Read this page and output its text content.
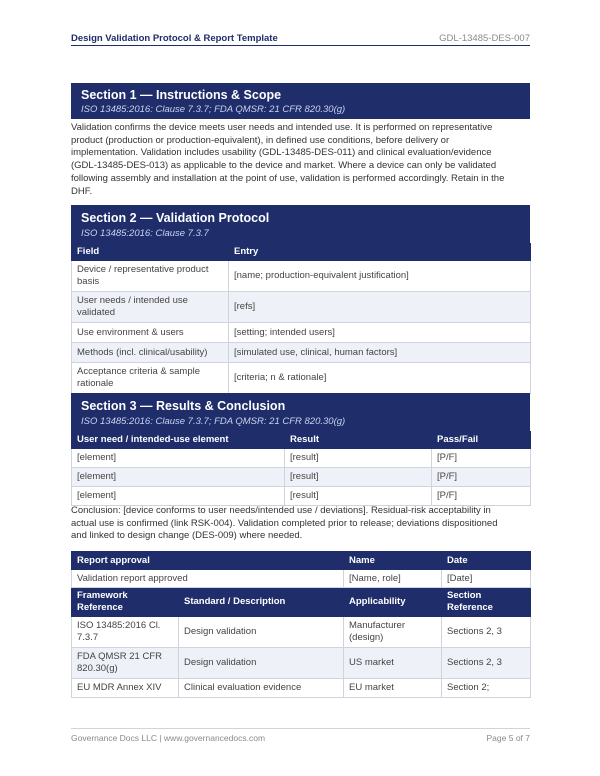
Design Validation Protocol & Report Template	GDL-13485-DES-007
Section 1 — Instructions & Scope
ISO 13485:2016: Clause 7.3.7; FDA QMSR: 21 CFR 820.30(g)
Validation confirms the device meets user needs and intended use. It is performed on representative
product (production or production-equivalent), in defined use conditions, before delivery or
implementation. Validation includes usability (GDL-13485-DES-011) and clinical evaluation/evidence
(GDL-13485-DES-013) as applicable to the device and market. Where a device can only be validated
following assembly and installation at the point of use, validation is performed accordingly. Retain in the
DHF.
Section 2 — Validation Protocol
ISO 13485:2016: Clause 7.3.7
Field	Entry
Device / representative product basis	[name; production-equivalent justification]
User needs / intended use validated	[refs]
Use environment & users	[setting; intended users]
Methods (incl. clinical/usability)	[simulated use, clinical, human factors]
Acceptance criteria & sample rationale	[criteria; n & rationale]
Section 3 — Results & Conclusion
ISO 13485:2016: Clause 7.3.7; FDA QMSR: 21 CFR 820.30(g)
User need / intended-use element	Result	Pass/Fail
[element]	[result]	[P/F]
[element]	[result]	[P/F]
[element]	[result]	[P/F]
Conclusion: [device conforms to user needs/intended use / deviations]. Residual-risk acceptability in
actual use is confirmed (link RSK-004). Validation completed prior to release; deviations dispositioned
and linked to design change (DES-009) where needed.
Report approval		Name	Date
Validation report approved		[Name, role]	[Date]
Framework Reference	Standard / Description	Applicability	Section Reference
ISO 13485:2016 Cl. 7.3.7	Design validation	Manufacturer (design)	Sections 2, 3
FDA QMSR 21 CFR 820.30(g)	Design validation	US market	Sections 2, 3
EU MDR Annex XIV	Clinical evaluation evidence	EU market	Section 2;
Governance Docs LLC | www.governancedocs.com	Page 5 of 7
